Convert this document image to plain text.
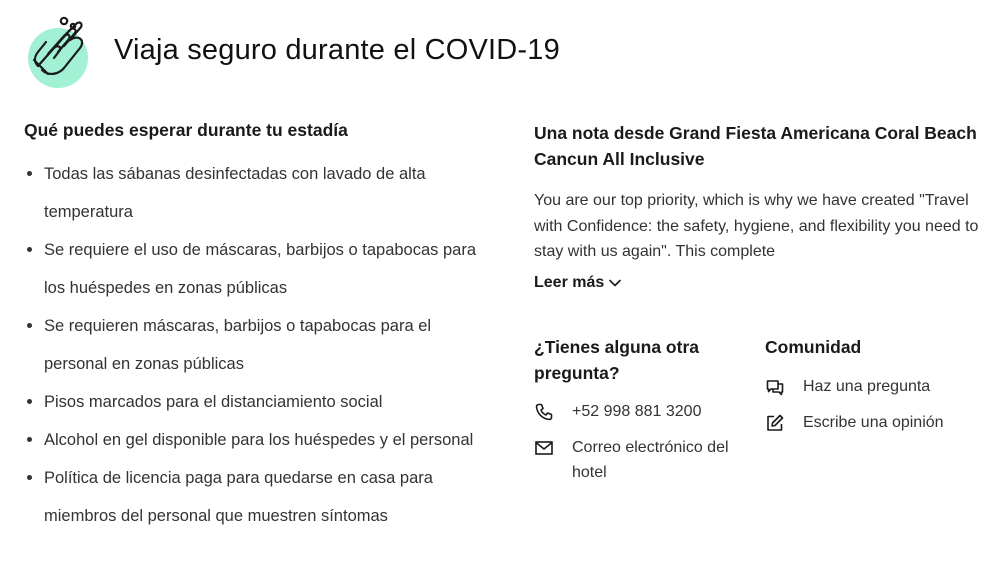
Viaja seguro durante el COVID-19
Qué puedes esperar durante tu estadía
Todas las sábanas desinfectadas con lavado de alta temperatura
Se requiere el uso de máscaras, barbijos o tapabocas para los huéspedes en zonas públicas
Se requieren máscaras, barbijos o tapabocas para el personal en zonas públicas
Pisos marcados para el distanciamiento social
Alcohol en gel disponible para los huéspedes y el personal
Política de licencia paga para quedarse en casa para miembros del personal que muestren síntomas
Una nota desde Grand Fiesta Americana Coral Beach Cancun All Inclusive
You are our top priority, which is why we have created "Travel with Confidence: the safety, hygiene, and flexibility you need to stay with us again". This complete
Leer más
¿Tienes alguna otra pregunta?
+52 998 881 3200
Correo electrónico del hotel
Comunidad
Haz una pregunta
Escribe una opinión
